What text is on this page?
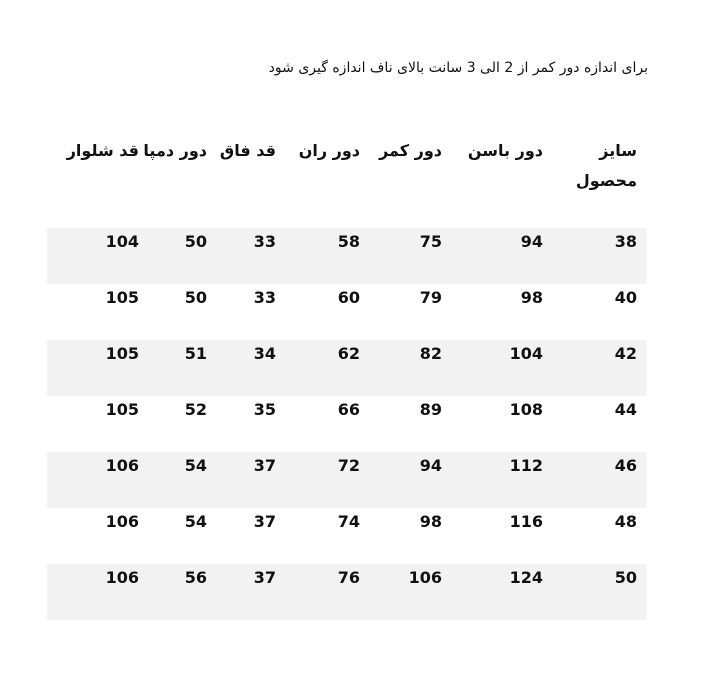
برای اندازه دور کمر از 2 الی 3 سانت بالای ناف اندازه گیری شود
سایز محصول
دور باسن
دور کمر
دور ران
قد فاق
دور دمپا
قد شلوار
38
94
75
58
33
50
104
40
98
79
60
33
50
105
42
104
82
62
34
51
105
44
108
89
66
35
52
105
46
112
94
72
37
54
106
48
116
98
74
37
54
106
50
124
106
76
37
56
106
